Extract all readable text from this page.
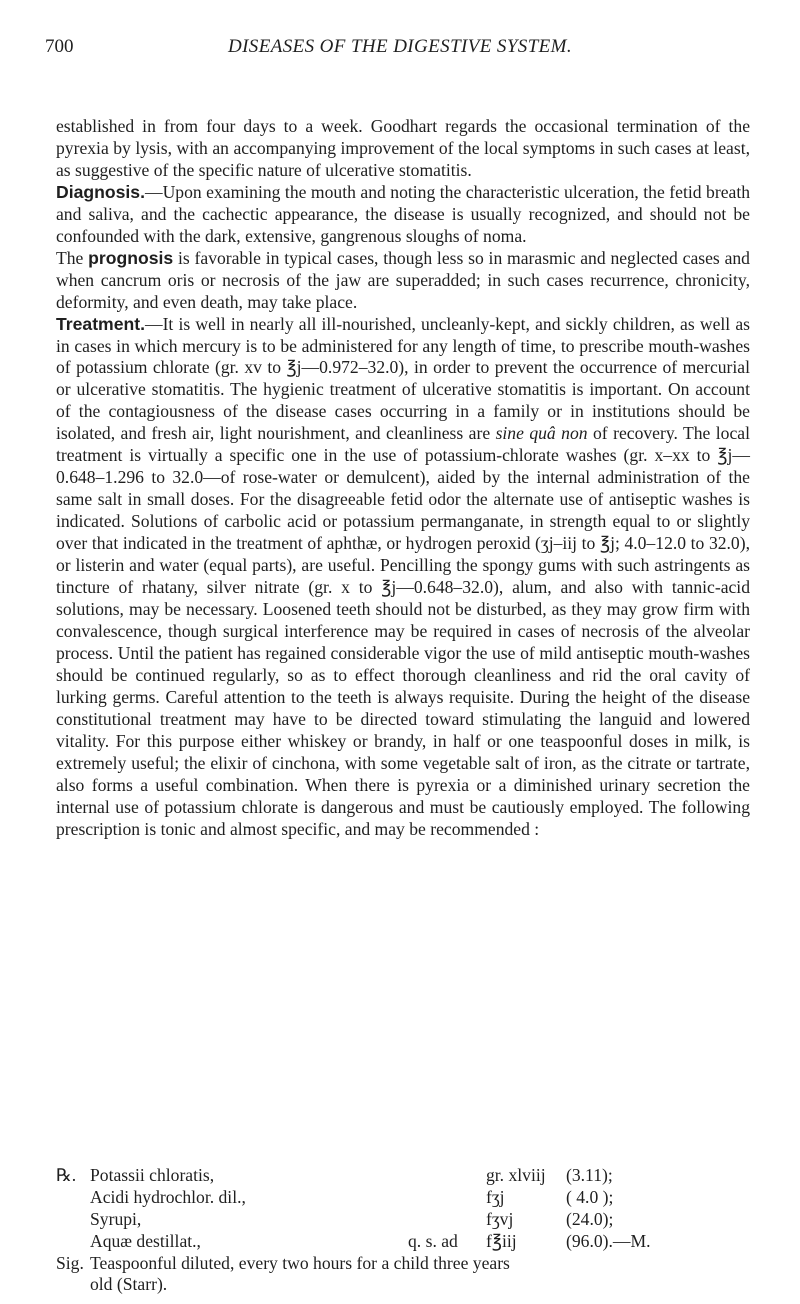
700	DISEASES OF THE DIGESTIVE SYSTEM.

established in from four days to a week. Goodhart regards the occasional termination of the pyrexia by lysis, with an accompanying improvement of the local symptoms in such cases at least, as suggestive of the specific nature of ulcerative stomatitis.

Diagnosis.—Upon examining the mouth and noting the characteristic ulceration, the fetid breath and saliva, and the cachectic appearance, the disease is usually recognized, and should not be confounded with the dark, extensive, gangrenous sloughs of noma.

The prognosis is favorable in typical cases, though less so in marasmic and neglected cases and when cancrum oris or necrosis of the jaw are superadded; in such cases recurrence, chronicity, deformity, and even death, may take place.

Treatment.—It is well in nearly all ill-nourished, uncleanly-kept, and sickly children, as well as in cases in which mercury is to be administered for any length of time, to prescribe mouth-washes of potassium chlorate (gr. xv to ℥j—0.972–32.0), in order to prevent the occurrence of mercurial or ulcerative stomatitis. The hygienic treatment of ulcerative stomatitis is important. On account of the contagiousness of the disease cases occurring in a family or in institutions should be isolated, and fresh air, light nourishment, and cleanliness are sine quâ non of recovery. The local treatment is virtually a specific one in the use of potassium-chlorate washes (gr. x–xx to ℥j—0.648–1.296 to 32.0—of rose-water or demulcent), aided by the internal administration of the same salt in small doses. For the disagreeable fetid odor the alternate use of antiseptic washes is indicated. Solutions of carbolic acid or potassium permanganate, in strength equal to or slightly over that indicated in the treatment of aphthæ, or hydrogen peroxid (ʒj–iij to ℥j; 4.0–12.0 to 32.0), or listerin and water (equal parts), are useful. Pencilling the spongy gums with such astringents as tincture of rhatany, silver nitrate (gr. x to ℥j—0.648–32.0), alum, and also with tannic-acid solutions, may be necessary. Loosened teeth should not be disturbed, as they may grow firm with convalescence, though surgical interference may be required in cases of necrosis of the alveolar process. Until the patient has regained considerable vigor the use of mild antiseptic mouth-washes should be continued regularly, so as to effect thorough cleanliness and rid the oral cavity of lurking germs. Careful attention to the teeth is always requisite. During the height of the disease constitutional treatment may have to be directed toward stimulating the languid and lowered vitality. For this purpose either whiskey or brandy, in half or one teaspoonful doses in milk, is extremely useful; the elixir of cinchona, with some vegetable salt of iron, as the citrate or tartrate, also forms a useful combination. When there is pyrexia or a diminished urinary secretion the internal use of potassium chlorate is dangerous and must be cautiously employed. The following prescription is tonic and almost specific, and may be recommended :

℞. Potassii chloratis,	gr. xlviij (3.11);
Acidi hydrochlor. dil.,	fʒj	( 4.0 );
Syrupi,	fʒvj	(24.0);
Aquæ destillat.,	q. s. ad f℥iij	(96.0).—M.
Sig. Teaspoonful diluted, every two hours for a child three years
old (Starr).
